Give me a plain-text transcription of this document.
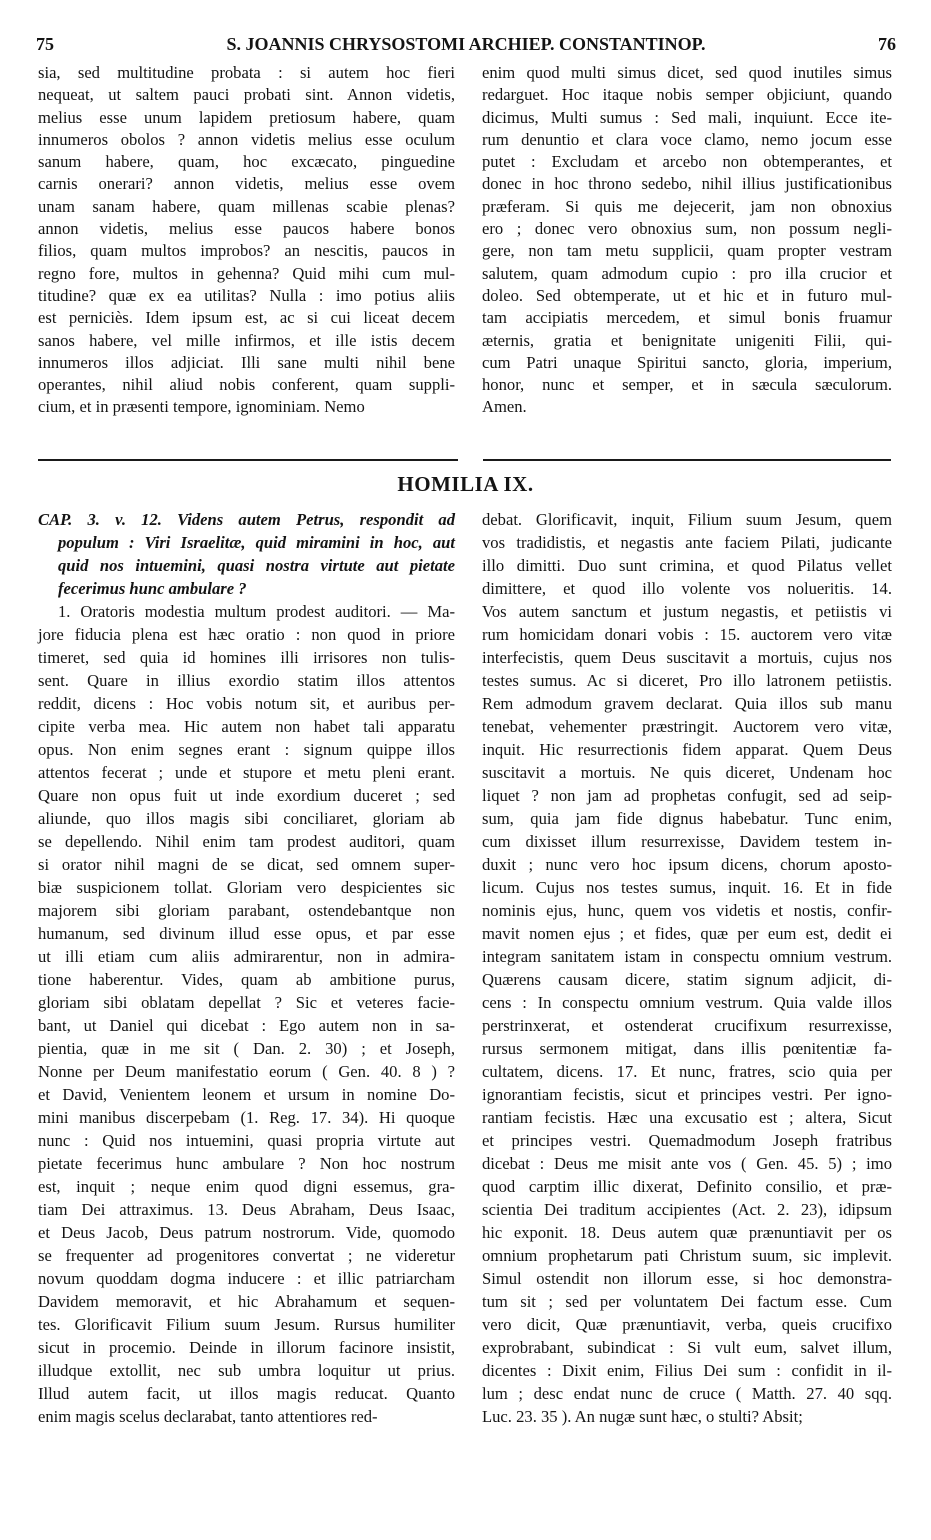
75	S. JOANNIS CHRYSOSTOMI ARCHIEP. CONSTANTINOP.	76
sia, sed multitudine probata : si autem hoc fieri
nequeat, ut saltem pauci probati sint. Annon videtis,
melius esse unum lapidem pretiosum habere, quam
innumeros obolos ? annon videtis melius esse oculum
sanum habere, quam, hoc excæcato, pinguedine
carnis onerari? annon videtis, melius esse ovem
unam sanam habere, quam millenas scabie plenas?
annon videtis, melius esse paucos habere bonos
filios, quam multos improbos? an nescitis, paucos in
regno fore, multos in gehenna? Quid mihi cum mul-
titudine? quæ ex ea utilitas? Nulla : imo potius aliis
est perniciès. Idem ipsum est, ac si cui liceat decem
sanos habere, vel mille infirmos, et ille istis decem
innumeros illos adjiciat. Illi sane multi nihil bene
operantes, nihil aliud nobis conferent, quam suppli-
cium, et in præsenti tempore, ignominiam. Nemo
enim quod multi simus dicet, sed quod inutiles simus
redarguet. Hoc itaque nobis semper objiciunt, quando
dicimus, Multi sumus : Sed mali, inquiunt. Ecce ite-
rum denuntio et clara voce clamo, nemo jocum esse
putet : Excludam et arcebo non obtemperantes, et
donec in hoc throno sedebo, nihil illius justificationibus
præferam. Si quis me dejecerit, jam non obnoxius
ero ; donec vero obnoxius sum, non possum negli-
gere, non tam metu supplicii, quam propter vestram
salutem, quam admodum cupio : pro illa crucior et
doleo. Sed obtemperate, ut et hic et in futuro mul-
tam accipiatis mercedem, et simul bonis fruamur
æternis, gratia et benignitate unigeniti Filii, qui-
cum Patri unaque Spiritui sancto, gloria, imperium,
honor, nunc et semper, et in sæcula sæculorum.
Amen.
HOMILIA IX.
CAP. 3. v. 12. Videns autem Petrus, respondit ad
populum : Viri Israelitæ, quid miramini in hoc, aut
quid nos intuemini, quasi nostra virtute aut pietate
fecerimus hunc ambulare ?
1. Oratoris modestia multum prodest auditori. — Ma-
jore fiducia plena est hæc oratio : non quod in priore
timeret, sed quia id homines illi irrisores non tulis-
sent. Quare in illius exordio statim illos attentos
reddit, dicens : Hoc vobis notum sit, et auribus per-
cipite verba mea. Hic autem non habet tali apparatu
opus. Non enim segnes erant : signum quippe illos
attentos fecerat ; unde et stupore et metu pleni erant.
Quare non opus fuit ut inde exordium duceret ; sed
aliunde, quo illos magis sibi conciliaret, gloriam ab
se depellendo. Nihil enim tam prodest auditori, quam
si orator nihil magni de se dicat, sed omnem super-
biæ suspicionem tollat. Gloriam vero despicientes sic
majorem sibi gloriam parabant, ostendebantque non
humanum, sed divinum illud esse opus, et par esse
ut illi etiam cum aliis admirarentur, non in admira-
tione haberentur. Vides, quam ab ambitione purus,
gloriam sibi oblatam depellat ? Sic et veteres facie-
bant, ut Daniel qui dicebat : Ego autem non in sa-
pientia, quæ in me sit ( Dan. 2. 30) ; et Joseph,
Nonne per Deum manifestatio eorum ( Gen. 40. 8 ) ?
et David, Venientem leonem et ursum in nomine Do-
mini manibus discerpebam (1. Reg. 17. 34). Hi quoque
nunc : Quid nos intuemini, quasi propria virtute aut
pietate fecerimus hunc ambulare ? Non hoc nostrum
est, inquit ; neque enim quod digni essemus, gra-
tiam Dei attraximus. 13. Deus Abraham, Deus Isaac,
et Deus Jacob, Deus patrum nostrorum. Vide, quomodo
se frequenter ad progenitores convertat ; ne videretur
novum quoddam dogma inducere : et illic patriarcham
Davidem memoravit, et hic Abrahamum et sequen-
tes. Glorificavit Filium suum Jesum. Rursus humiliter
sicut in procemio. Deinde in illorum facinore insistit,
illudque extollit, nec sub umbra loquitur ut prius.
Illud autem facit, ut illos magis reducat. Quanto
enim magis scelus declarabat, tanto attentiores red-
debat. Glorificavit, inquit, Filium suum Jesum, quem
vos tradidistis, et negastis ante faciem Pilati, judicante
illo dimitti. Duo sunt crimina, et quod Pilatus vellet
dimittere, et quod illo volente vos nolueritis. 14.
Vos autem sanctum et justum negastis, et petiistis vi
rum homicidam donari vobis : 15. auctorem vero vitæ
interfecistis, quem Deus suscitavit a mortuis, cujus nos
testes sumus. Ac si diceret, Pro illo latronem petiistis.
Rem admodum gravem declarat. Quia illos sub manu
tenebat, vehementer præstringit. Auctorem vero vitæ,
inquit. Hic resurrectionis fidem apparat. Quem Deus
suscitavit a mortuis. Ne quis diceret, Undenam hoc
liquet ? non jam ad prophetas confugit, sed ad seip-
sum, quia jam fide dignus habebatur. Tunc enim,
cum dixisset illum resurrexisse, Davidem testem in-
duxit ; nunc vero hoc ipsum dicens, chorum aposto-
licum. Cujus nos testes sumus, inquit. 16. Et in fide
nominis ejus, hunc, quem vos videtis et nostis, confir-
mavit nomen ejus ; et fides, quæ per eum est, dedit ei
integram sanitatem istam in conspectu omnium vestrum.
Quærens causam dicere, statim signum adjicit, di-
cens : In conspectu omnium vestrum. Quia valde illos
perstrinxerat, et ostenderat crucifixum resurrexisse,
rursus sermonem mitigat, dans illis pœnitentiæ fa-
cultatem, dicens. 17. Et nunc, fratres, scio quia per
ignorantiam fecistis, sicut et principes vestri. Per igno-
rantiam fecistis. Hæc una excusatio est ; altera, Sicut
et principes vestri. Quemadmodum Joseph fratribus
dicebat : Deus me misit ante vos ( Gen. 45. 5) ; imo
quod carptim illic dixerat, Definito consilio, et præ-
scientia Dei traditum accipientes (Act. 2. 23), idipsum
hic exponit. 18. Deus autem quæ prænuntiavit per os
omnium prophetarum pati Christum suum, sic implevit.
Simul ostendit non illorum esse, si hoc demonstra-
tum sit ; sed per voluntatem Dei factum esse. Cum
vero dicit, Quæ prænuntiavit, verba, queis crucifixo
exprobrabant, subindicat : Si vult eum, salvet illum,
dicentes : Dixit enim, Filius Dei sum : confidit in il-
lum ; desc endat nunc de cruce ( Matth. 27. 40 sqq.
Luc. 23. 35 ). An nugæ sunt hæc, o stulti? Absit;
